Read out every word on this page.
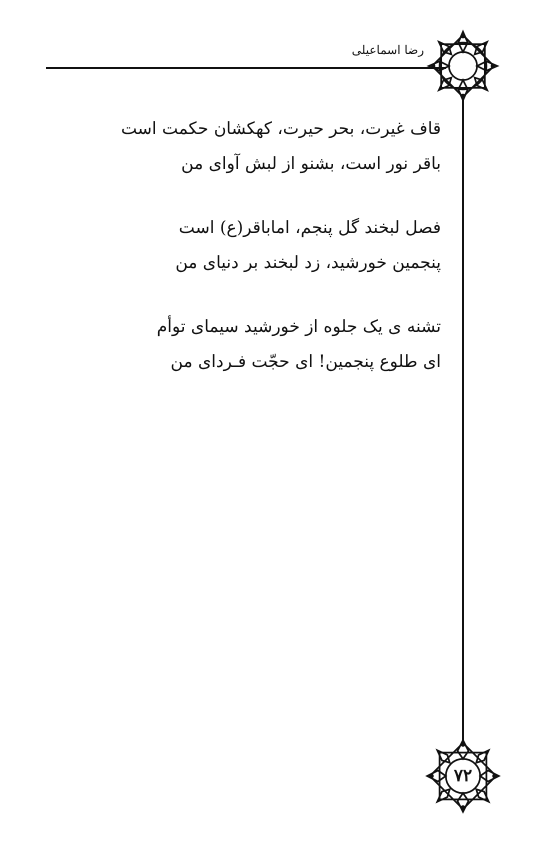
رضا اسماعیلی
قاف غیرت، بحر حیرت، کهکشان حکمت است
باقر نور است، بشنو از لبش آوای من
فصل لبخند گل پنجم، اماباقر(ع) است
پنجمین خورشید، زد لبخند بر دنیای من
تشنه ی یک جلوه از خورشید سیمای توأم
ای طلوع پنجمین! ای حجّت فـردای من
۷۲
